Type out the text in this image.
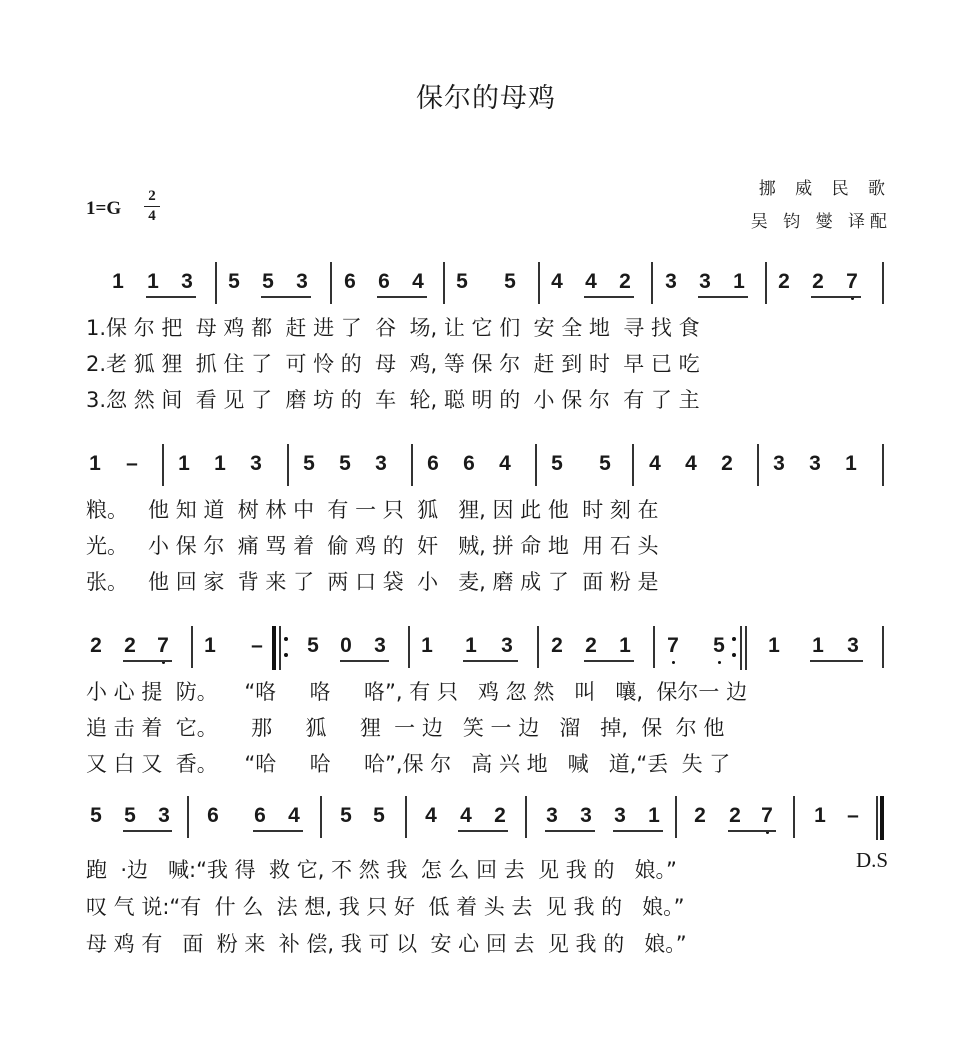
保尔的母鸡
1=G
2
4
挪 威 民 歌
吴 钧 燮 译配
1 1 3 5 5 3 6 6 4 5 5 4 4 2 3 3 1 2 2 7
1.保 尔 把  母 鸡 都  赶 进 了  谷  场, 让 它 们  安 全 地  寻 找 食
2.老 狐 狸  抓 住 了  可 怜 的  母  鸡, 等 保 尔  赶 到 时  早 已 吃
3.忽 然 间  看 见 了  磨 坊 的  车  轮, 聪 明 的  小 保 尔  有 了 主
1 – 1 1 3 5 5 3 6 6 4 5 5 4 4 2 3 3 1
粮。   他 知 道  树 林 中  有 一 只  狐   狸, 因 此 他  时 刻 在
光。   小 保 尔  痛 骂 着  偷 鸡 的  奸   贼, 拼 命 地  用 石 头
张。   他 回 家  背 来 了  两 口 袋  小   麦, 磨 成 了  面 粉 是
2 2 7 1 – 5 0 3 1 1 3 2 2 1 7 5 1 1 3
小 心 提  防。    “咯     咯     咯”, 有 只   鸡 忽 然   叫   嚷,  保尔一 边
追 击 着  它。     那     狐     狸  一 边   笑 一 边   溜   掉,  保  尔 他
又 白 又  香。    “哈     哈     哈”,保 尔   高 兴 地   喊   道,“丢  失 了
5 5 3 6 6 4 5 5 4 4 2 3 3 3 1 2 2 7 1 –
跑  ·边   喊:“我 得  救 它, 不 然 我  怎 么 回 去  见 我 的   娘。”
叹 气 说:“有  什 么  法 想, 我 只 好  低 着 头 去  见 我 的   娘。”
母 鸡 有   面  粉 来  补 偿, 我 可 以  安 心 回 去  见 我 的   娘。”
D.S
